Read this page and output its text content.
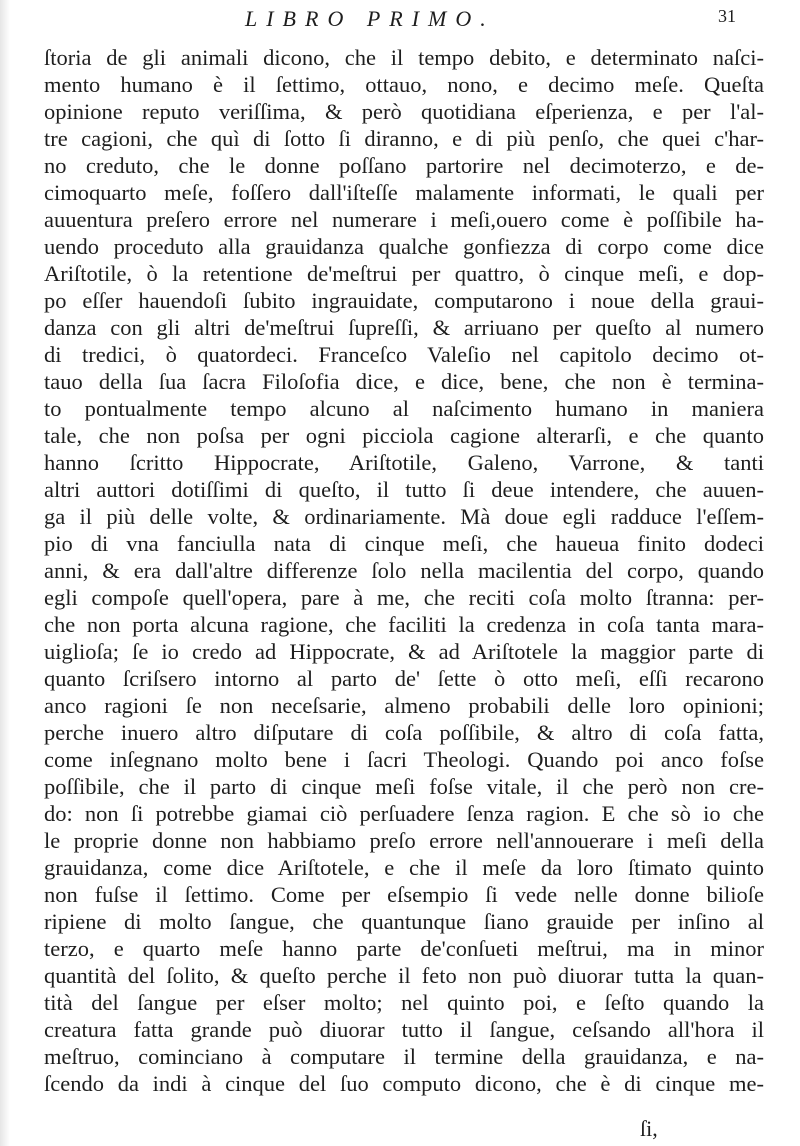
LIBRO PRIMO.	31
ſtoria de gli animali dicono, che il tempo debito, e determinato naſci-
mento humano è il ſettimo, ottauo, nono, e decimo meſe. Queſta
opinione reputo veriſſima, & però quotidiana eſperienza, e per l'al-
tre cagioni, che quì di ſotto ſi diranno, e di più penſo, che quei c'har-
no creduto, che le donne poſſano partorire nel decimoterzo, e de-
cimoquarto meſe, foſſero dall'iſteſſe malamente informati, le quali per
auuentura preſero errore nel numerare i meſi,ouero come è poſſibile ha-
uendo proceduto alla grauidanza qualche gonfiezza di corpo come dice
Ariſtotile, ò la retentione de'meſtrui per quattro, ò cinque meſi, e dop-
po eſſer hauendoſi ſubito ingrauidate, computarono i noue della graui-
danza con gli altri de'meſtrui ſupreſſi, & arriuano per queſto al numero
di tredici, ò quatordeci. Franceſco Valeſio nel capitolo decimo ot-
tauo della ſua ſacra Filoſofia dice, e dice, bene, che non è termina-
to pontualmente tempo alcuno al naſcimento humano in maniera
tale, che non poſsa per ogni picciola cagione alterarſi, e che quanto
hanno ſcritto Hippocrate, Ariſtotile, Galeno, Varrone, & tanti
altri auttori dotiſſimi di queſto, il tutto ſi deue intendere, che auuen-
ga il più delle volte, & ordinariamente. Mà doue egli radduce l'eſſem-
pio di vna fanciulla nata di cinque meſi, che haueua finito dodeci
anni, & era dall'altre differenze ſolo nella macilentia del corpo, quando
egli compoſe quell'opera, pare à me, che reciti coſa molto ſtranna: per-
che non porta alcuna ragione, che faciliti la credenza in coſa tanta mara-
uiglioſa; ſe io credo ad Hippocrate, & ad Ariſtotele la maggior parte di
quanto ſcriſsero intorno al parto de' ſette ò otto meſi, eſſi recarono
anco ragioni ſe non neceſsarie, almeno probabili delle loro opinioni;
perche inuero altro diſputare di coſa poſſibile, & altro di coſa fatta,
come inſegnano molto bene i ſacri Theologi. Quando poi anco foſse
poſſibile, che il parto di cinque meſi foſse vitale, il che però non cre-
do: non ſi potrebbe giamai ciò perſuadere ſenza ragion. E che sò io che
le proprie donne non habbiamo preſo errore nell'annouerare i meſi della
grauidanza, come dice Ariſtotele, e che il meſe da loro ſtimato quinto
non fuſse il ſettimo. Come per eſsempio ſi vede nelle donne bilioſe
ripiene di molto ſangue, che quantunque ſiano grauide per inſino al
terzo, e quarto meſe hanno parte de'conſueti meſtrui, ma in minor
quantità del ſolito, & queſto perche il feto non può diuorar tutta la quan-
tità del ſangue per eſser molto; nel quinto poi, e ſeſto quando la
creatura fatta grande può diuorar tutto il ſangue, ceſsando all'hora il
meſtruo, cominciano à computare il termine della grauidanza, e na-
ſcendo da indi à cinque del ſuo computo dicono, che è di cinque me-
ſi,
